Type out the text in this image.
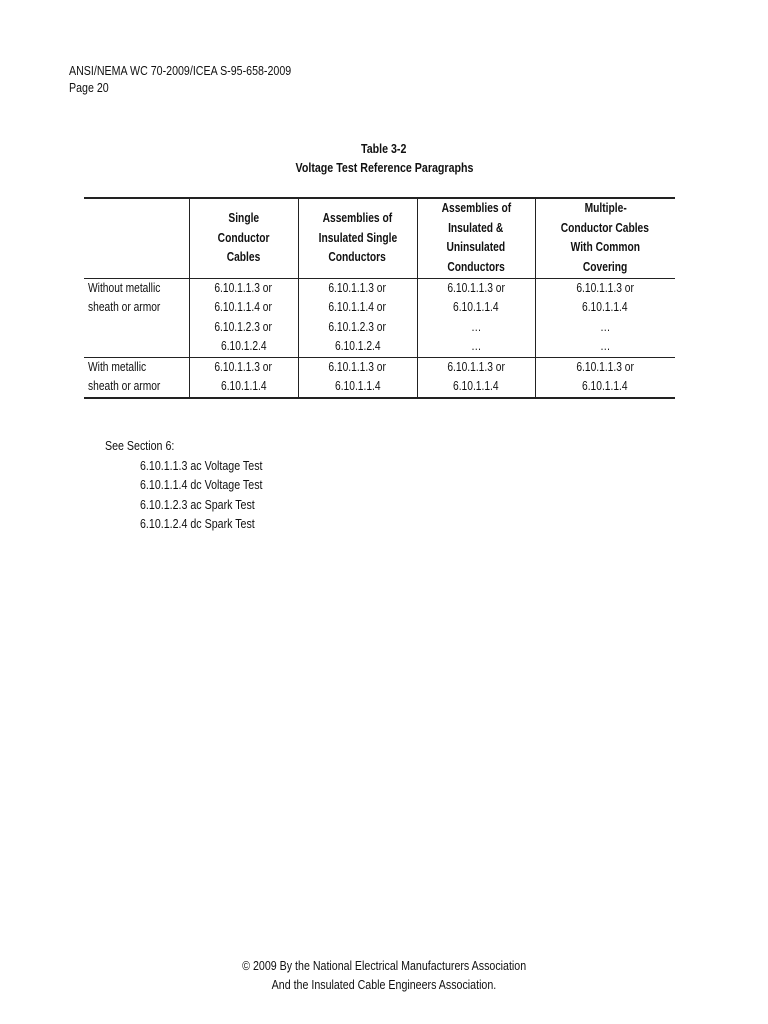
ANSI/NEMA WC 70-2009/ICEA S-95-658-2009
Page 20
Table 3-2
Voltage Test Reference Paragraphs

	Single
Conductor
Cables	Assemblies of
Insulated Single
Conductors	Assemblies of
Insulated &
Uninsulated
Conductors	Multiple-
Conductor Cables
With Common
Covering

Without metallic
sheath or armor	6.10.1.1.3 or
6.10.1.1.4 or
6.10.1.2.3 or
6.10.1.2.4	6.10.1.1.3 or
6.10.1.1.4 or
6.10.1.2.3 or
6.10.1.2.4	6.10.1.1.3 or
6.10.1.1.4
…
…	6.10.1.1.3 or
6.10.1.1.4
…
…

With metallic
sheath or armor	6.10.1.1.3 or
6.10.1.1.4	6.10.1.1.3 or
6.10.1.1.4	6.10.1.1.3 or
6.10.1.1.4	6.10.1.1.3 or
6.10.1.1.4
See Section 6:
6.10.1.1.3 ac Voltage Test
6.10.1.1.4 dc Voltage Test
6.10.1.2.3 ac Spark Test
6.10.1.2.4 dc Spark Test
© 2009 By the National Electrical Manufacturers Association
And the Insulated Cable Engineers Association.
